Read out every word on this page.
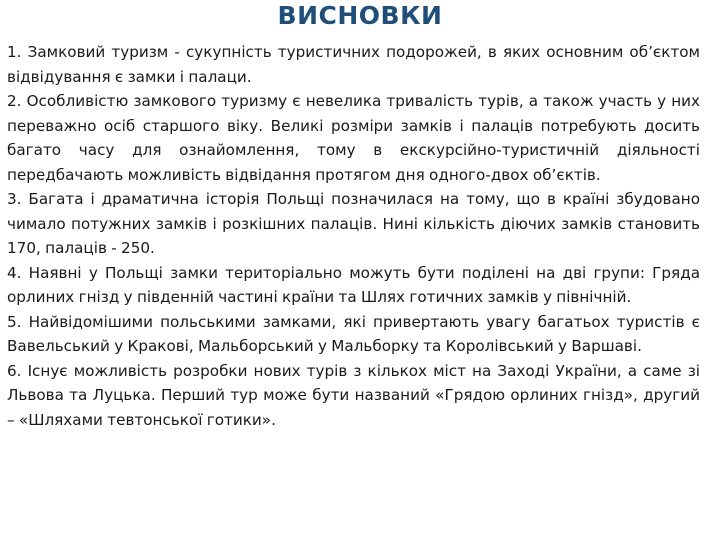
ВИСНОВКИ

1. Замковий туризм - сукупність туристичних подорожей, в яких основним об’єктом відвідування є замки і палаци.

2. Особливістю замкового туризму є невелика тривалість турів, а також участь у них переважно осіб старшого віку. Великі розміри замків і палаців потребують досить багато часу для ознайомлення, тому в екскурсійно-туристичній діяльності передбачають можливість відвідання протягом дня одного-двох об’єктів.

3. Багата і драматична історія Польщі позначилася на тому, що в країні збудовано чимало потужних замків і розкішних палаців. Нині кількість діючих замків становить 170, палаців - 250.

4. Наявні у Польщі замки територіально можуть бути поділені на дві групи: Гряда орлиних гнізд у південній частині країни та Шлях готичних замків у північній.

5. Найвідомішими польськими замками, які привертають увагу багатьох туристів є Вавельський у Кракові, Мальборський у Мальборку та Королівський у Варшаві.

6. Існує можливість розробки нових турів з кількох міст на Заході України, а саме зі Львова та Луцька. Перший тур може бути названий «Грядою орлиних гнізд», другий – «Шляхами тевтонської готики».
